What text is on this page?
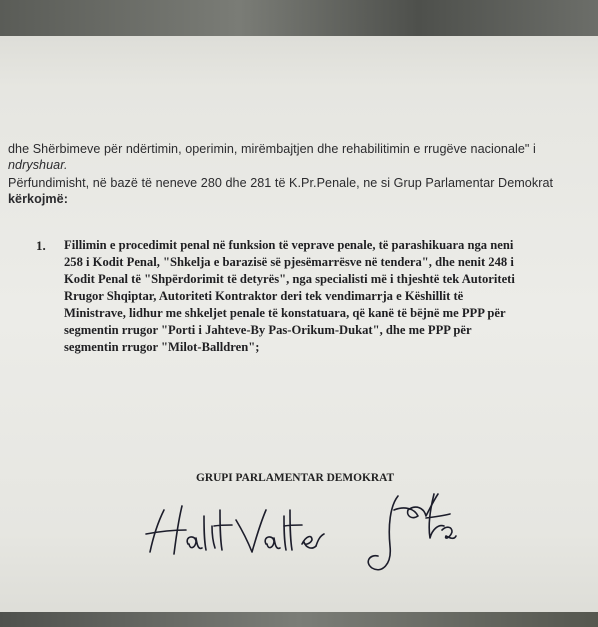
dhe Shërbimeve për ndërtimin, operimin, mirëmbajtjen dhe rehabilitimin e rrugëve nacionale" i
ndryshuar.
Përfundimisht, në bazë të neneve 280 dhe 281 të K.Pr.Penale, ne si Grup Parlamentar Demokrat
kërkojmë:
1. Fillimin e procedimit penal në funksion të veprave penale, të parashikuara nga neni
258 i Kodit Penal, "Shkelja e barazisë së pjesëmarrësve në tendera", dhe nenit 248 i
Kodit Penal të "Shpërdorimit të detyrës", nga specialisti më i thjeshtë tek Autoriteti
Rrugor Shqiptar, Autoriteti Kontraktor deri tek vendimarrja e Këshillit të
Ministrave, lidhur me shkeljet penale të konstatuara, që kanë të bëjnë me PPP për
segmentin rrugor "Porti i Jahteve-By Pas-Orikum-Dukat", dhe me PPP për
segmentin rrugor "Milot-Balldren";
GRUPI PARLAMENTAR DEMOKRAT
